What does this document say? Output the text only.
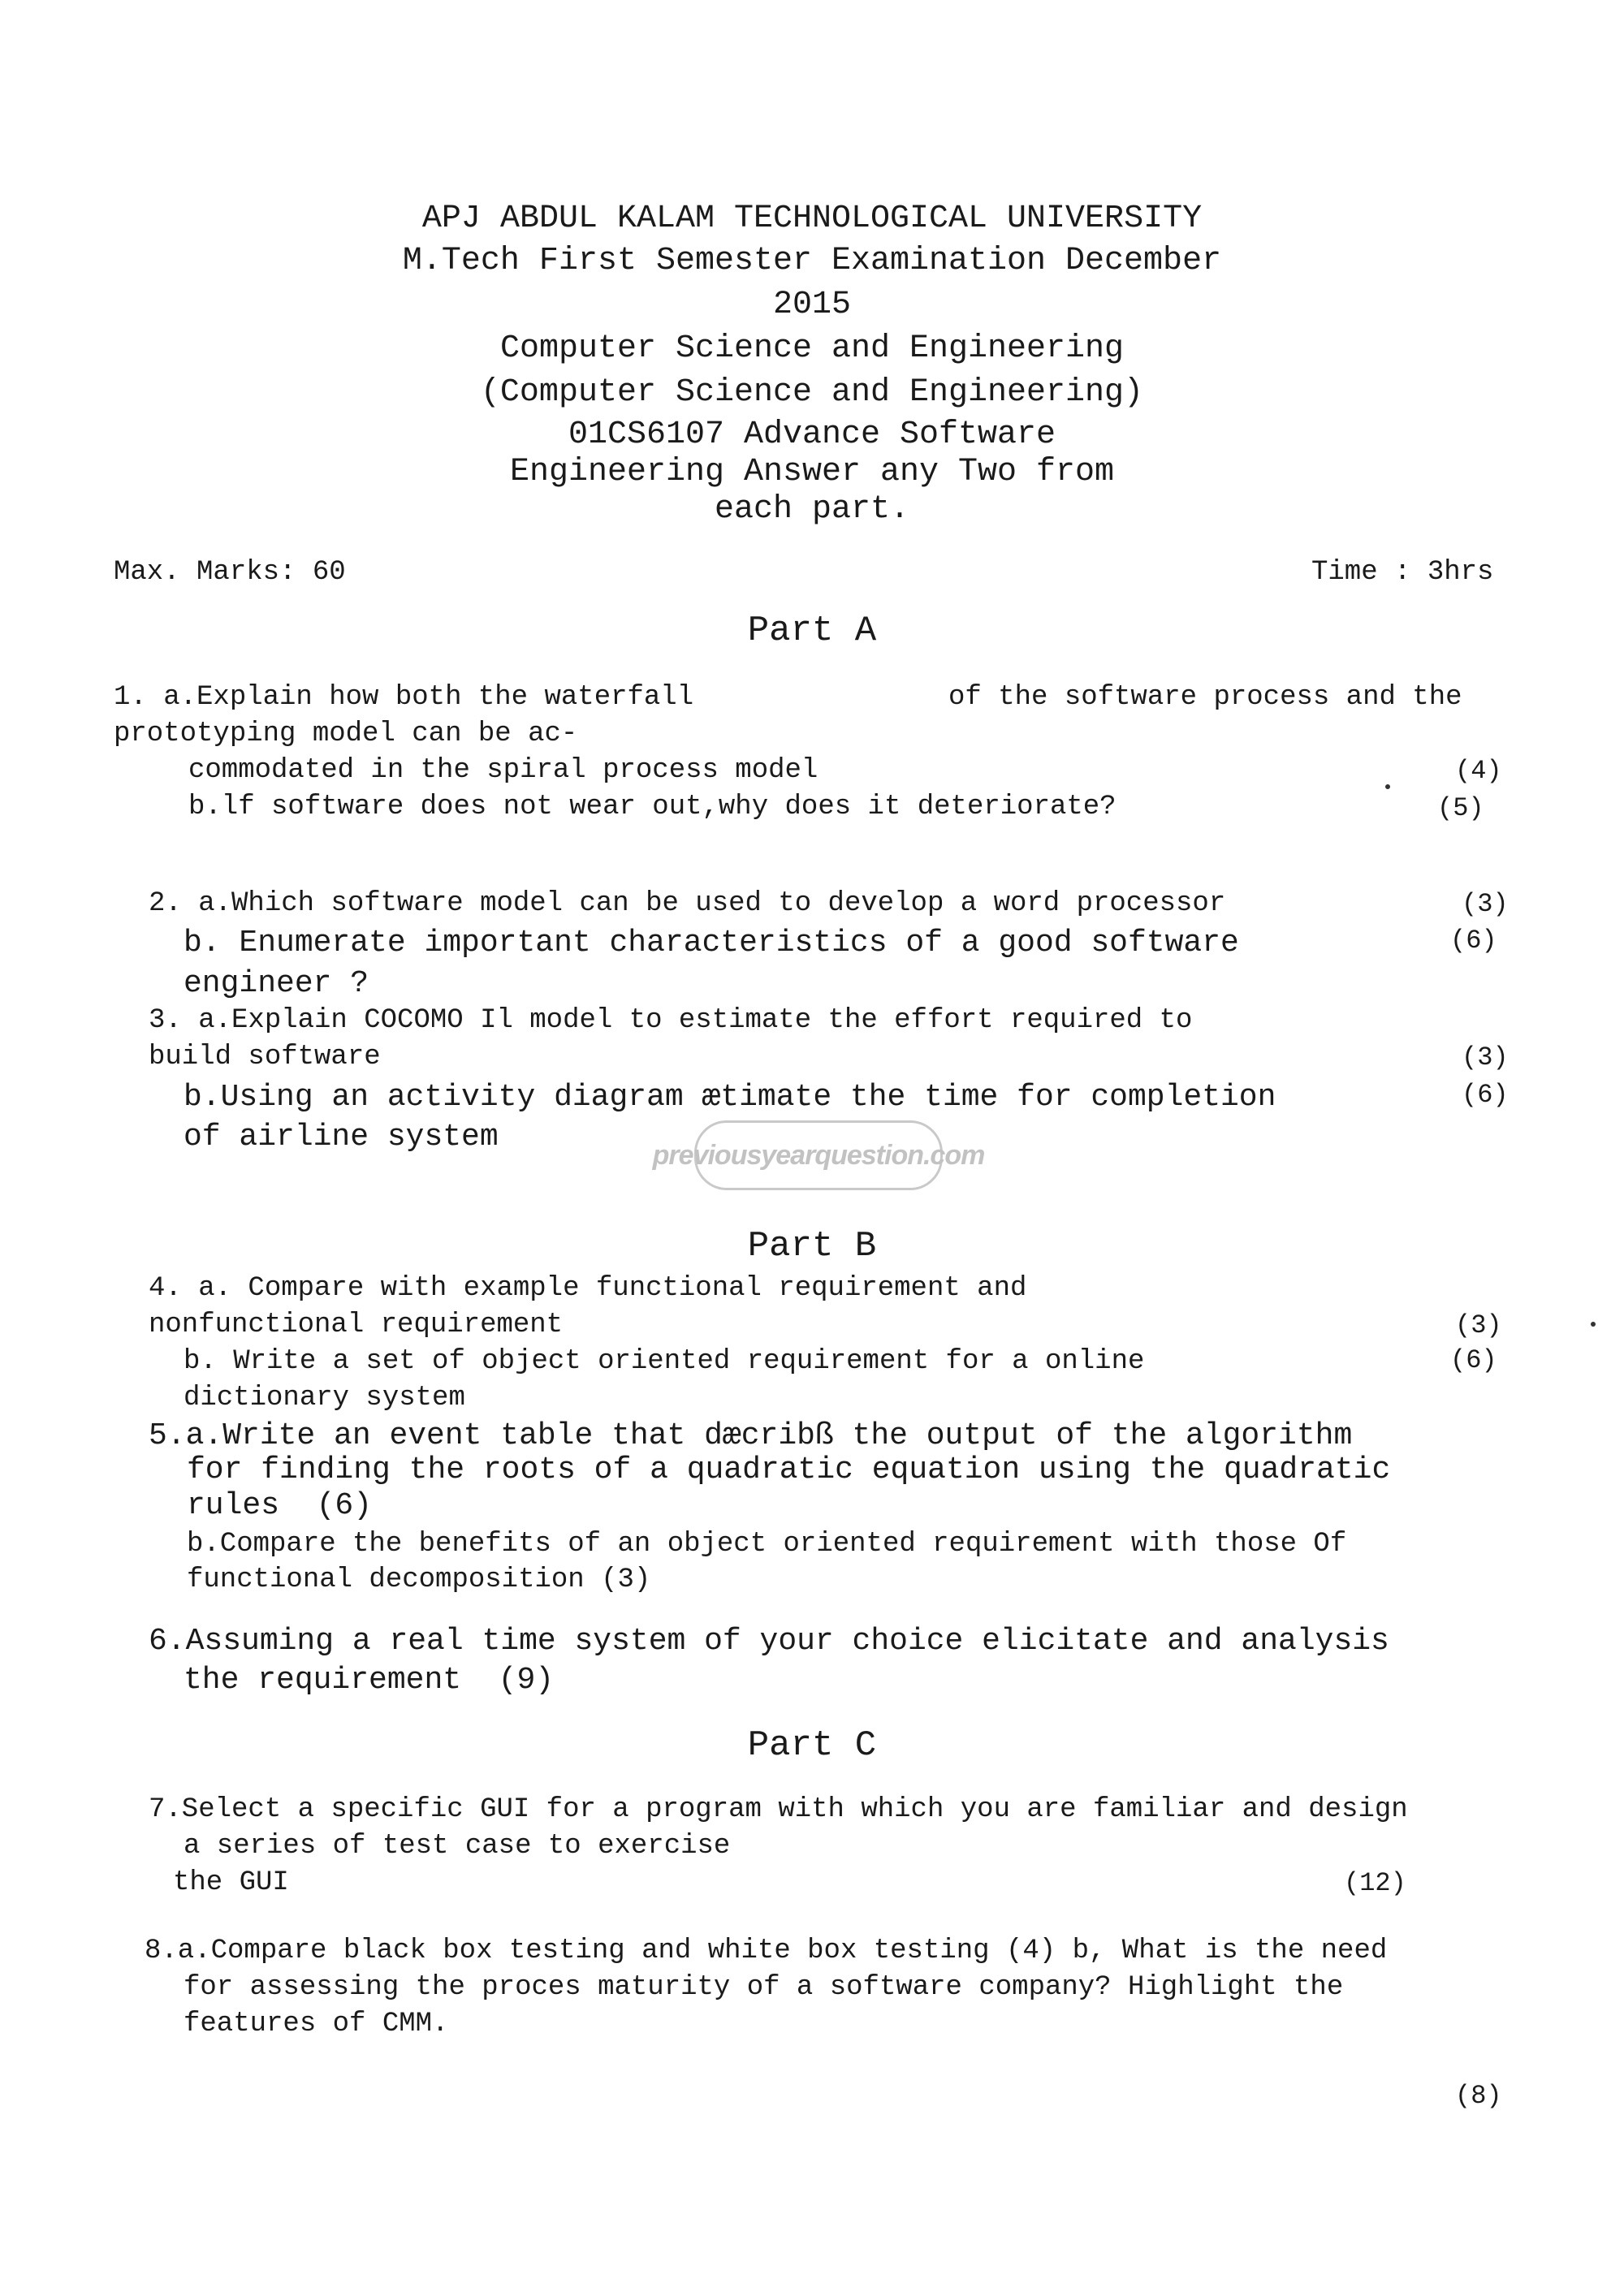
APJ ABDUL KALAM TECHNOLOGICAL UNIVERSITY
M.Tech First Semester Examination December
2015
Computer Science and Engineering
(Computer Science and Engineering)
01CS6107 Advance Software
Engineering Answer any Two from
each part.
Max. Marks: 60	Time : 3hrs
Part A
1. a.Explain how both the waterfall	of the software process and the
prototyping model can be ac-
commodated in the spiral process model	(4)
b.lf software does not wear out,why does it deteriorate?	(5)
2. a.Which software model can be used to develop a word processor	(3)
b. Enumerate important characteristics of a good software	(6)
engineer ?
3. a.Explain COCOMO Il model to estimate the effort required to
build software	(3)
b.Using an activity diagram ætimate the time for completion	(6)
of airline system
previousyearquestion.com
Part B
4. a. Compare with example functional requirement and
nonfunctional requirement	(3)
b. Write a set of object oriented requirement for a online	(6)
dictionary system
5.a.Write an event table that dæcribß the output of the algorithm
for finding the roots of a quadratic equation using the quadratic
rules  (6)
b.Compare the benefits of an object oriented requirement with those Of
functional decomposition (3)
6.Assuming a real time system of your choice elicitate and analysis
the requirement  (9)
Part C
7.Select a specific GUI for a program with which you are familiar and design
a series of test case to exercise
the GUI	(12)
8.a.Compare black box testing and white box testing (4) b, What is the need
for assessing the proces maturity of a software company? Highlight the
features of CMM.
(8)
